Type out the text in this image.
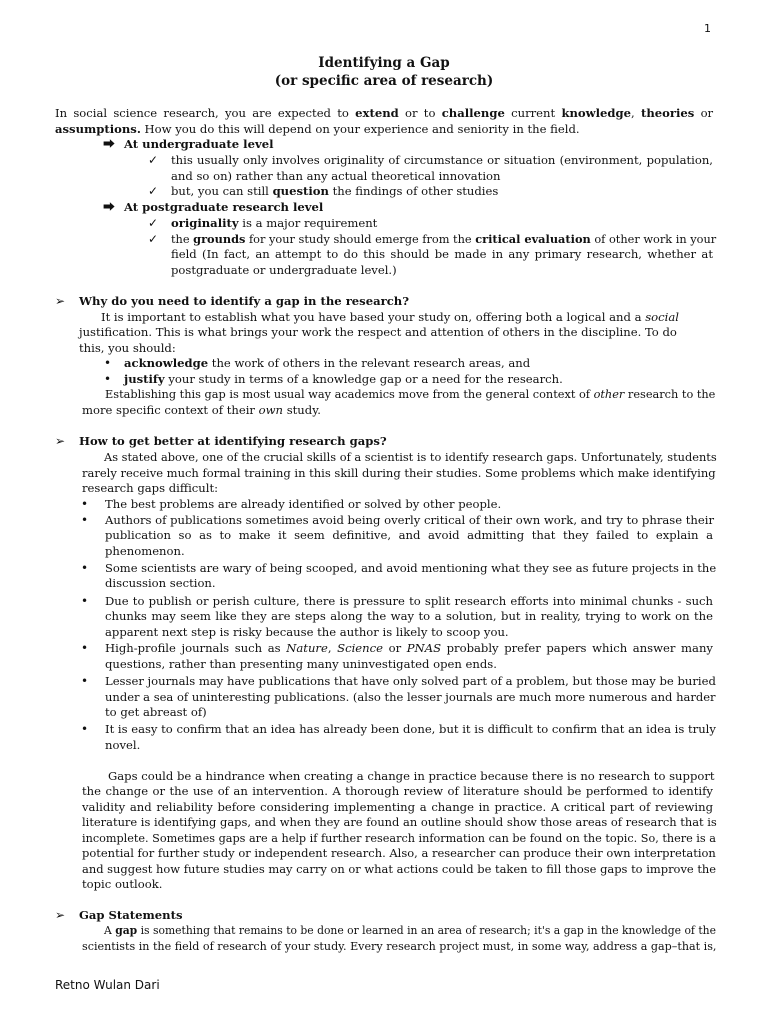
1
Identifying a Gap
(or specific area of research)
In social science research, you are expected to extend or to challenge current knowledge, theories or
assumptions. How you do this will depend on your experience and seniority in the field.
⮕ At undergraduate level
✓ this usually only involves originality of circumstance or situation (environment, population,
and so on) rather than any actual theoretical innovation
✓ but, you can still question the findings of other studies
⮕ At postgraduate research level
✓ originality is a major requirement
✓ the grounds for your study should emerge from the critical evaluation of other work in your
field (In fact, an attempt to do this should be made in any primary research, whether at
postgraduate or undergraduate level.)
➢ Why do you need to identify a gap in the research?
It is important to establish what you have based your study on, offering both a logical and a social
justification. This is what brings your work the respect and attention of others in the discipline. To do
this, you should:
• acknowledge the work of others in the relevant research areas, and
• justify your study in terms of a knowledge gap or a need for the research.
Establishing this gap is most usual way academics move from the general context of other research to the
more specific context of their own study.
➢ How to get better at identifying research gaps?
As stated above, one of the crucial skills of a scientist is to identify research gaps. Unfortunately, students
rarely receive much formal training in this skill during their studies. Some problems which make identifying
research gaps difficult:
• The best problems are already identified or solved by other people.
• Authors of publications sometimes avoid being overly critical of their own work, and try to phrase their
publication so as to make it seem definitive, and avoid admitting that they failed to explain a
phenomenon.
• Some scientists are wary of being scooped, and avoid mentioning what they see as future projects in the
discussion section.
• Due to publish or perish culture, there is pressure to split research efforts into minimal chunks - such
chunks may seem like they are steps along the way to a solution, but in reality, trying to work on the
apparent next step is risky because the author is likely to scoop you.
• High-profile journals such as Nature, Science or PNAS probably prefer papers which answer many
questions, rather than presenting many uninvestigated open ends.
• Lesser journals may have publications that have only solved part of a problem, but those may be buried
under a sea of uninteresting publications. (also the lesser journals are much more numerous and harder
to get abreast of)
• It is easy to confirm that an idea has already been done, but it is difficult to confirm that an idea is truly
novel.
Gaps could be a hindrance when creating a change in practice because there is no research to support
the change or the use of an intervention. A thorough review of literature should be performed to identify
validity and reliability before considering implementing a change in practice. A critical part of reviewing
literature is identifying gaps, and when they are found an outline should show those areas of research that is
incomplete. Sometimes gaps are a help if further research information can be found on the topic. So, there is a
potential for further study or independent research. Also, a researcher can produce their own interpretation
and suggest how future studies may carry on or what actions could be taken to fill those gaps to improve the
topic outlook.
➢ Gap Statements
A gap is something that remains to be done or learned in an area of research; it's a gap in the knowledge of the
scientists in the field of research of your study. Every research project must, in some way, address a gap–that is,
Retno Wulan Dari
